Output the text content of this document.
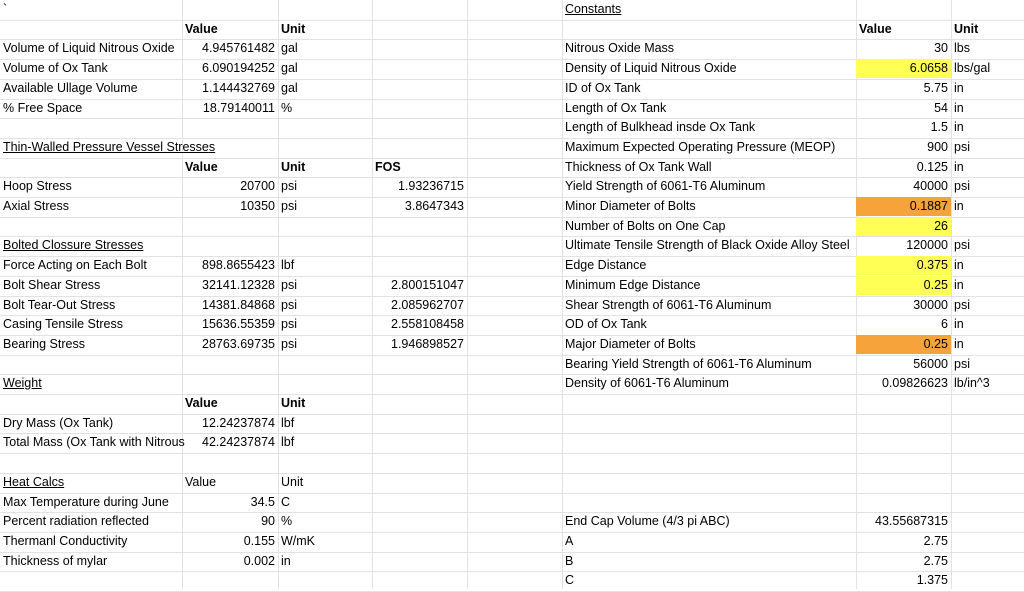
`
Value	Unit
Volume of Liquid Nitrous Oxide	4.945761482 gal
Volume of Ox Tank	6.090194252 gal
Available Ullage Volume	1.144432769 gal
% Free Space	18.79140011 %
Thin-Walled Pressure Vessel Stresses
Value	Unit	FOS
Hoop Stress	20700 psi	1.93236715
Axial Stress	10350 psi	3.8647343
Bolted Clossure Stresses
Force Acting on Each Bolt	898.8655423 lbf
Bolt Shear Stress	32141.12328 psi	2.800151047
Bolt Tear-Out Stress	14381.84868 psi	2.085962707
Casing Tensile Stress	15636.55359 psi	2.558108458
Bearing Stress	28763.69735 psi	1.946898527
Weight
Value	Unit
Dry Mass (Ox Tank)	12.24237874 lbf
Total Mass (Ox Tank with Nitrous	42.24237874 lbf
Heat Calcs	Value	Unit
Max Temperature during June	34.5 C
Percent radiation reflected	90 %
Thermanl Conductivity	0.155 W/mK
Thickness of mylar	0.002 in
Constants
Value	Unit
Nitrous Oxide Mass	30 lbs
Density of Liquid Nitrous Oxide	6.0658 lbs/gal
ID of Ox Tank	5.75 in
Length of Ox Tank	54 in
Length of Bulkhead insde Ox Tank	1.5 in
Maximum Expected Operating Pressure (MEOP)	900 psi
Thickness of Ox Tank Wall	0.125 in
Yield Strength of 6061-T6 Aluminum	40000 psi
Minor Diameter of Bolts	0.1887 in
Number of Bolts on One Cap	26
Ultimate Tensile Strength of Black Oxide Alloy Steel	120000 psi
Edge Distance	0.375 in
Minimum Edge Distance	0.25 in
Shear Strength of 6061-T6 Aluminum	30000 psi
OD of Ox Tank	6 in
Major Diameter of Bolts	0.25 in
Bearing Yield Strength of 6061-T6 Aluminum	56000 psi
Density of 6061-T6 Aluminum	0.09826623 lb/in^3
End Cap Volume (4/3 pi ABC)	43.55687315
A	2.75
B	2.75
C	1.375
